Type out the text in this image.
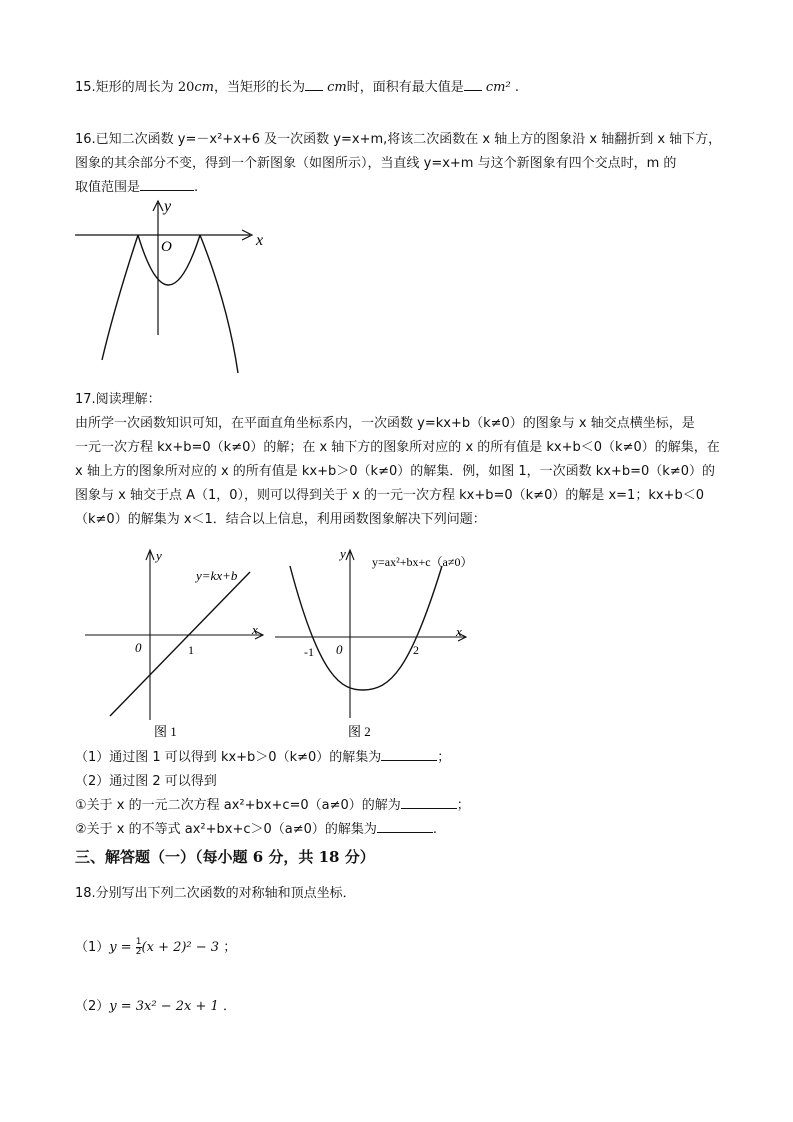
15.矩形的周长为 20cm，当矩形的长为 cm时，面积有最大值是 cm² .

16.已知二次函数 y=－x²+x+6 及一次函数 y=x+m,将该二次函数在 x 轴上方的图象沿 x 轴翻折到 x 轴下方，

图象的其余部分不变，得到一个新图象（如图所示），当直线 y=x+m 与这个新图象有四个交点时，m 的

取值范围是	.

y
x
O

17.阅读理解：

由所学一次函数知识可知，在平面直角坐标系内，一次函数 y=kx+b（k≠0）的图象与 x 轴交点横坐标，是

一元一次方程 kx+b=0（k≠0）的解；在 x 轴下方的图象所对应的 x 的所有值是 kx+b＜0（k≠0）的解集，在

x 轴上方的图象所对应的 x 的所有值是 kx+b＞0（k≠0）的解集．例，如图 1，一次函数 kx+b=0（k≠0）的

图象与 x 轴交于点 A（1，0），则可以得到关于 x 的一元一次方程 kx+b=0（k≠0）的解是 x=1；kx+b＜0

（k≠0）的解集为 x＜1．结合以上信息，利用函数图象解决下列问题：

y
x
0	1
y=kx+b
图 1
y
x
0
-1	2
y=ax²+bx+c（a≠0）
图 2

（1）通过图 1 可以得到 kx+b＞0（k≠0）的解集为	；

（2）通过图 2 可以得到

①关于 x 的一元二次方程 ax²+bx+c=0（a≠0）的解为	；

②关于 x 的不等式 ax²+bx+c＞0（a≠0）的解集为	.

三、解答题（一）（每小题 6 分，共 18 分）

18.分别写出下列二次函数的对称轴和顶点坐标．

$(1)y = \frac{1}{2} (x + 2)^2 - 3$ ；

（2）y = 3x² − 2x + 1 ．
